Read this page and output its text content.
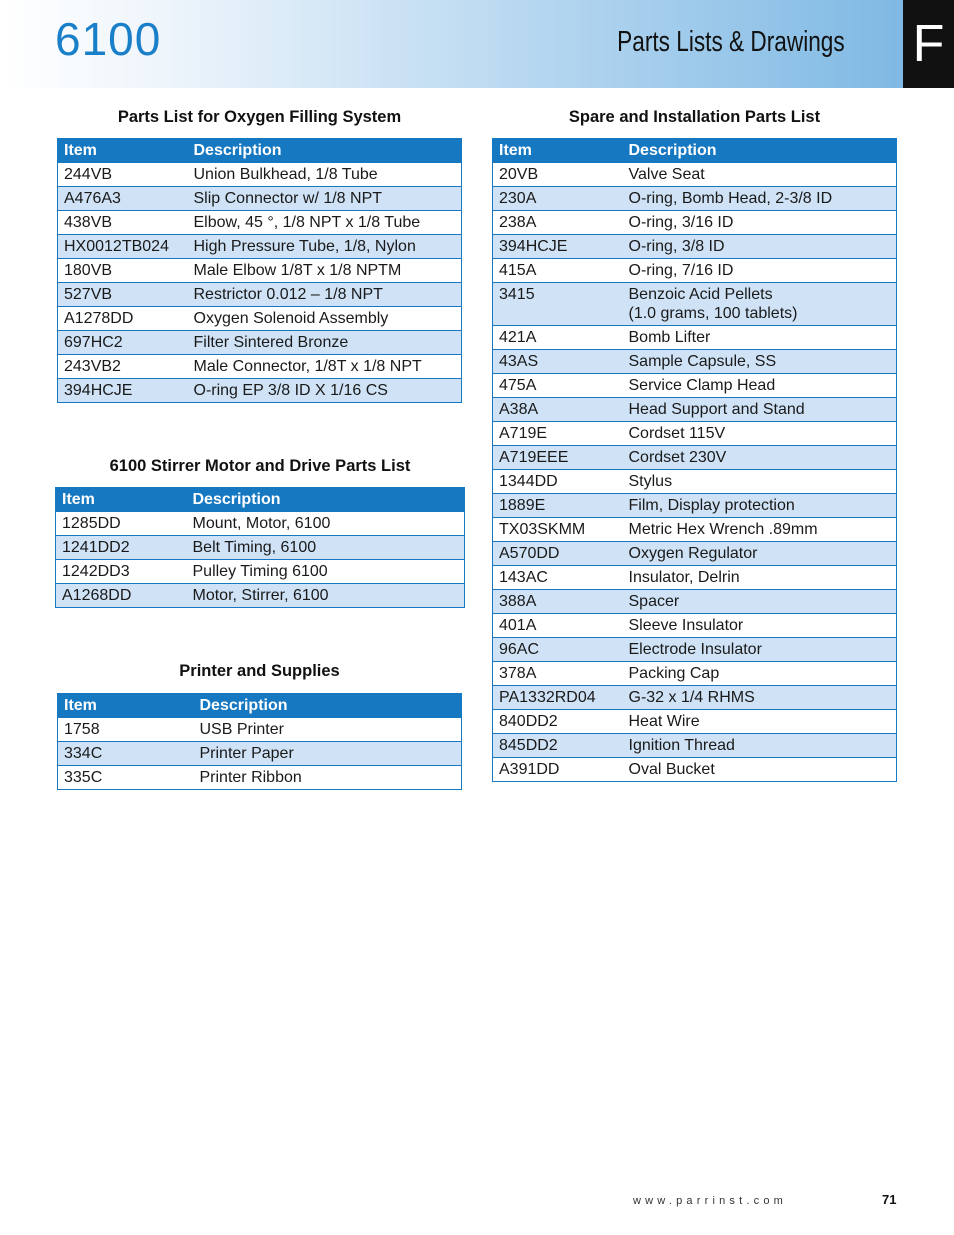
6100	Parts Lists & Drawings F
Parts List for Oxygen Filling System
Item	Description
244VB	Union Bulkhead, 1/8 Tube
A476A3	Slip Connector w/ 1/8 NPT
438VB	Elbow, 45 °, 1/8 NPT x 1/8 Tube
HX0012TB024	High Pressure Tube, 1/8, Nylon
180VB	Male Elbow 1/8T x 1/8 NPTM
527VB	Restrictor 0.012 – 1/8 NPT
A1278DD	Oxygen Solenoid Assembly
697HC2	Filter Sintered Bronze
243VB2	Male Connector, 1/8T x 1/8 NPT
394HCJE	O-ring EP 3/8 ID X 1/16 CS
6100 Stirrer Motor and Drive Parts List
Item	Description
1285DD	Mount, Motor, 6100
1241DD2	Belt Timing, 6100
1242DD3	Pulley Timing 6100
A1268DD	Motor, Stirrer, 6100
Printer and Supplies
Item	Description
1758	USB Printer
334C	Printer Paper
335C	Printer Ribbon
Spare and Installation Parts List
Item	Description
20VB	Valve Seat
230A	O-ring, Bomb Head, 2-3/8 ID
238A	O-ring, 3/16 ID
394HCJE	O-ring, 3/8 ID
415A	O-ring, 7/16 ID
3415	Benzoic Acid Pellets
(1.0 grams, 100 tablets)

421A	Bomb Lifter
43AS	Sample Capsule, SS
475A	Service Clamp Head
A38A	Head Support and Stand
A719E	Cordset 115V
A719EEE	Cordset 230V
1344DD	Stylus
1889E	Film, Display protection
TX03SKMM	Metric Hex Wrench .89mm
A570DD	Oxygen Regulator
143AC	Insulator, Delrin
388A	Spacer
401A	Sleeve Insulator
96AC	Electrode Insulator
378A	Packing Cap
PA1332RD04	G-32 x 1/4 RHMS
840DD2	Heat Wire
845DD2	Ignition Thread
A391DD	Oval Bucket
www.parrinst.com	71
